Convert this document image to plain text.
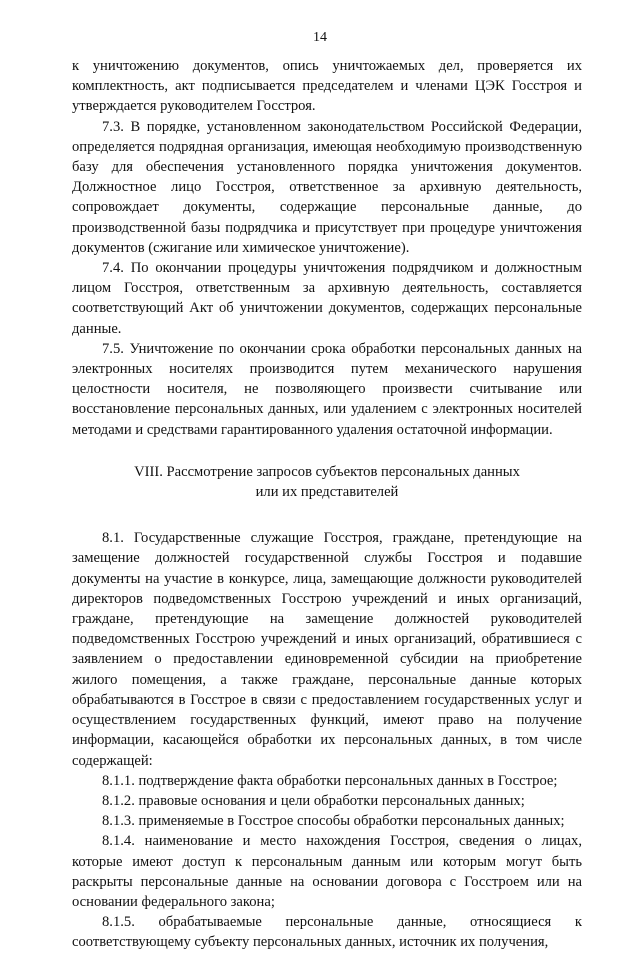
14

к уничтожению документов, опись уничтожаемых дел, проверяется их комплектность, акт подписывается председателем и членами ЦЭК Госстроя и утверждается руководителем Госстроя.

7.3. В порядке, установленном законодательством Российской Федерации, определяется подрядная организация, имеющая необходимую производственную базу для обеспечения установленного порядка уничтожения документов. Должностное лицо Госстроя, ответственное за архивную деятельность, сопровождает документы, содержащие персональные данные, до производственной базы подрядчика и присутствует при процедуре уничтожения документов (сжигание или химическое уничтожение).

7.4. По окончании процедуры уничтожения подрядчиком и должностным лицом Госстроя, ответственным за архивную деятельность, составляется соответствующий Акт об уничтожении документов, содержащих персональные данные.

7.5. Уничтожение по окончании срока обработки персональных данных на электронных носителях производится путем механического нарушения целостности носителя, не позволяющего произвести считывание или восстановление персональных данных, или удалением с электронных носителей методами и средствами гарантированного удаления остаточной информации.

VIII. Рассмотрение запросов субъектов персональных данных
или их представителей

8.1. Государственные служащие Госстроя, граждане, претендующие на замещение должностей государственной службы Госстроя и подавшие документы на участие в конкурсе, лица, замещающие должности руководителей директоров подведомственных Госстрою учреждений и иных организаций, граждане, претендующие на замещение должностей руководителей подведомственных Госстрою учреждений и иных организаций, обратившиеся с заявлением о предоставлении единовременной субсидии на приобретение жилого помещения, а также граждане, персональные данные которых обрабатываются в Госстрое в связи с предоставлением государственных услуг и осуществлением государственных функций, имеют право на получение информации, касающейся обработки их персональных данных, в том числе содержащей:

8.1.1. подтверждение факта обработки персональных данных в Госстрое;

8.1.2. правовые основания и цели обработки персональных данных;

8.1.3. применяемые в Госстрое способы обработки персональных данных;

8.1.4. наименование и место нахождения Госстроя, сведения о лицах, которые имеют доступ к персональным данным или которым могут быть раскрыты персональные данные на основании договора с Госстроем или на основании федерального закона;

8.1.5. обрабатываемые персональные данные, относящиеся к соответствующему субъекту персональных данных, источник их получения,
